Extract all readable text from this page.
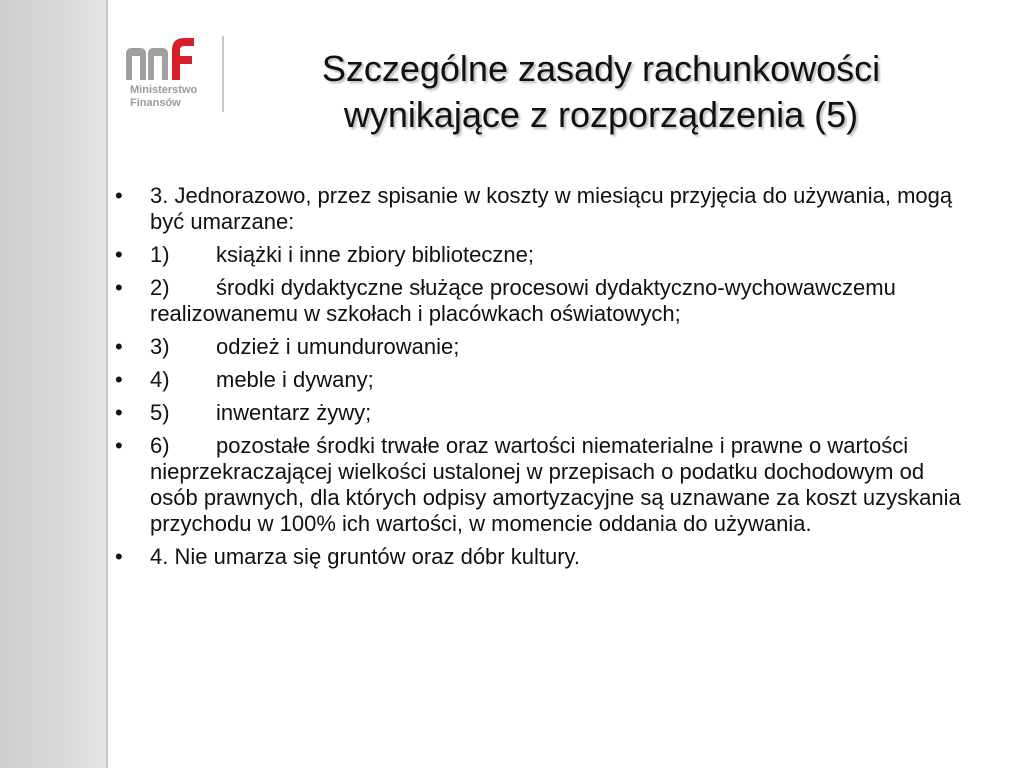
Ministerstwo
Finansów
Szczególne zasady rachunkowości
wynikające z rozporządzenia (5)
• 3. Jednorazowo, przez spisanie w koszty w miesiącu przyjęcia do używania, mogą być umarzane:
• 1) książki i inne zbiory biblioteczne;
• 2) środki dydaktyczne służące procesowi dydaktyczno-wychowawczemu realizowanemu w szkołach i placówkach oświatowych;
• 3) odzież i umundurowanie;
• 4) meble i dywany;
• 5) inwentarz żywy;
• 6) pozostałe środki trwałe oraz wartości niematerialne i prawne o wartości nieprzekraczającej wielkości ustalonej w przepisach o podatku dochodowym od osób prawnych, dla których odpisy amortyzacyjne są uznawane za koszt uzyskania przychodu w 100% ich wartości, w momencie oddania do używania.
• 4. Nie umarza się gruntów oraz dóbr kultury.
